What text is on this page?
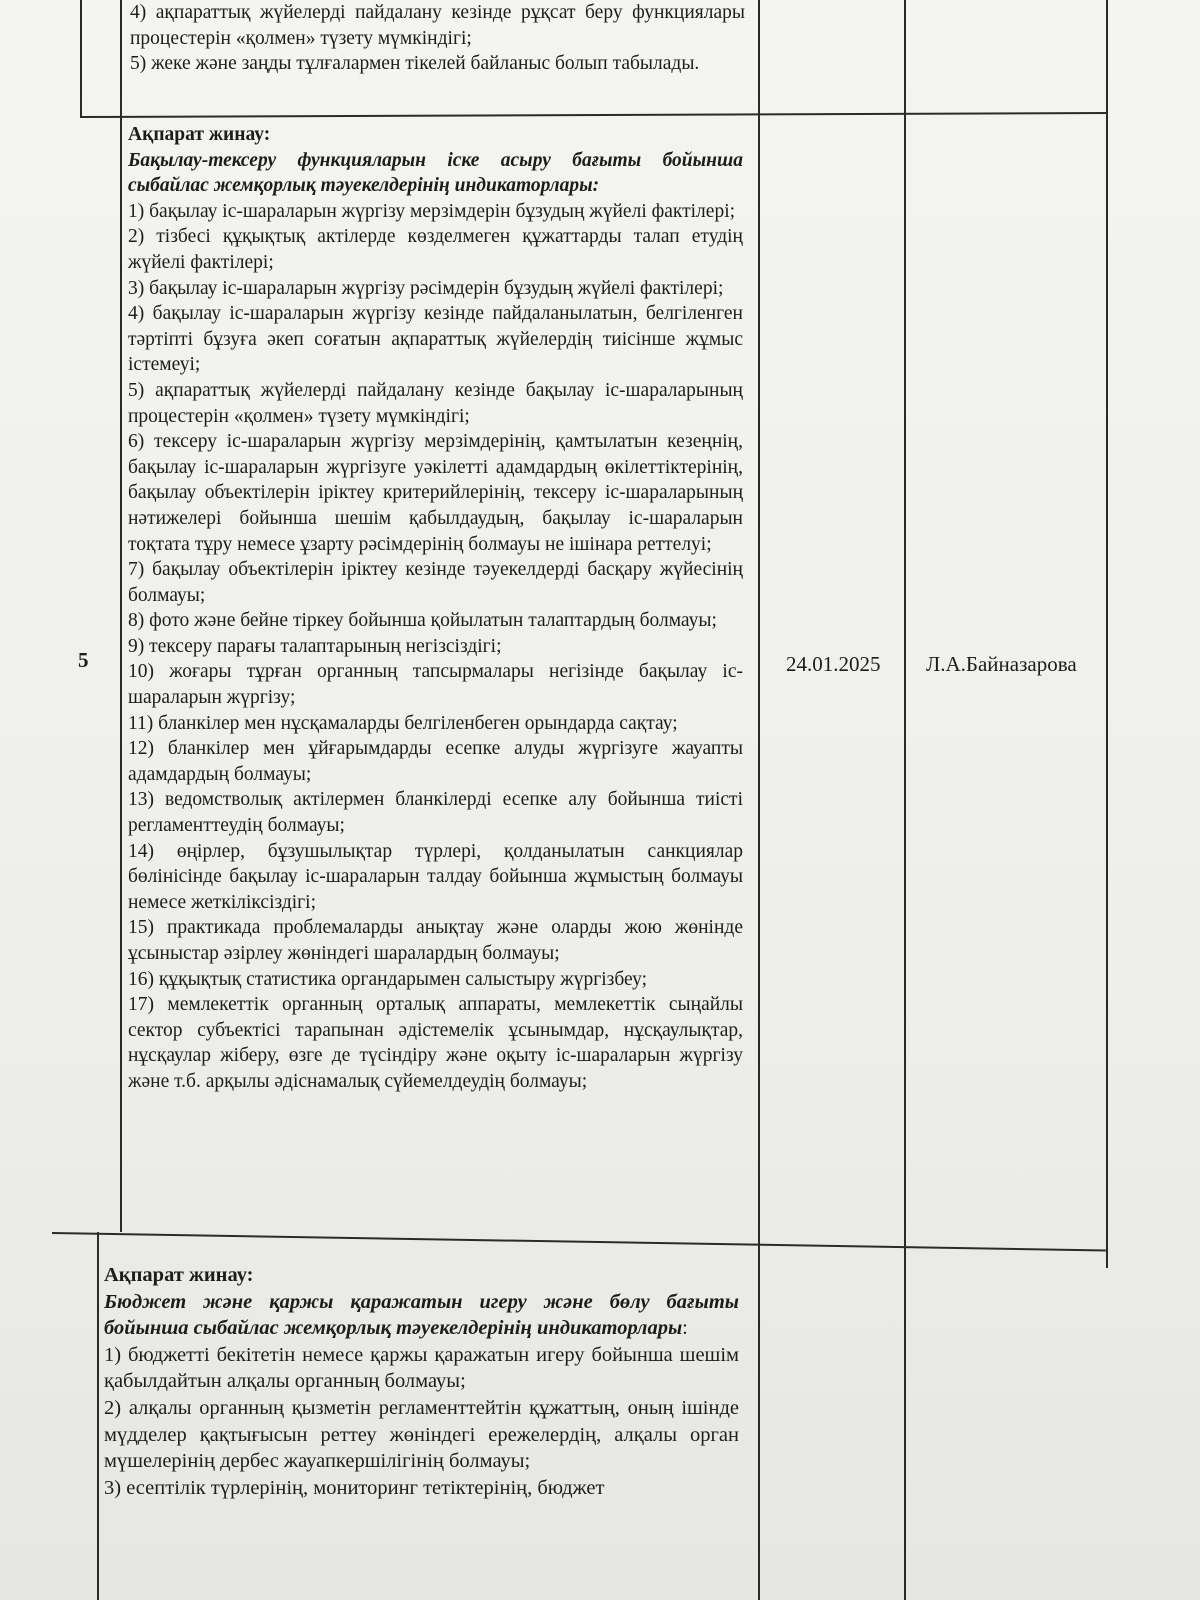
4) ақпараттық жүйелерді пайдалану кезінде рұқсат беру функциялары процестерін «қолмен» түзету мүмкіндігі;

5) жеке және заңды тұлғалармен тікелей байланыс болып табылады.

5

Ақпарат жинау:

Бақылау-тексеру функцияларын іске асыру бағыты бойынша сыбайлас жемқорлық тәуекелдерінің индикаторлары:

1) бақылау іс-шараларын жүргізу мерзімдерін бұзудың жүйелі фактілері;

2) тізбесі құқықтық актілерде көзделмеген құжаттарды талап етудің жүйелі фактілері;

3) бақылау іс-шараларын жүргізу рәсімдерін бұзудың жүйелі фактілері;

4) бақылау іс-шараларын жүргізу кезінде пайдаланылатын, белгіленген тәртіпті бұзуға әкеп соғатын ақпараттық жүйелердің тиісінше жұмыс істемеуі;

5) ақпараттық жүйелерді пайдалану кезінде бақылау іс-шараларының процестерін «қолмен» түзету мүмкіндігі;

6) тексеру іс-шараларын жүргізу мерзімдерінің, қамтылатын кезеңнің, бақылау іс-шараларын жүргізуге уәкілетті адамдардың өкілеттіктерінің, бақылау объектілерін іріктеу критерийлерінің, тексеру іс-шараларының нәтижелері бойынша шешім қабылдаудың, бақылау іс-шараларын тоқтата тұру немесе ұзарту рәсімдерінің болмауы не ішінара реттелуі;

7) бақылау объектілерін іріктеу кезінде тәуекелдерді басқару жүйесінің болмауы;

8) фото және бейне тіркеу бойынша қойылатын талаптардың болмауы;

9) тексеру парағы талаптарының негізсіздігі;

10) жоғары тұрған органның тапсырмалары негізінде бақылау іс-шараларын жүргізу;

11) бланкілер мен нұсқамаларды белгіленбеген орындарда сақтау;

12) бланкілер мен ұйғарымдарды есепке алуды жүргізуге жауапты адамдардың болмауы;

13) ведомстволық актілермен бланкілерді есепке алу бойынша тиісті регламенттеудің болмауы;

14) өңірлер, бұзушылықтар түрлері, қолданылатын санкциялар бөлінісінде бақылау іс-шараларын талдау бойынша жұмыстың болмауы немесе жеткіліксіздігі;

15) практикада проблемаларды анықтау және оларды жою жөнінде ұсыныстар әзірлеу жөніндегі шаралардың болмауы;

16) құқықтық статистика органдарымен салыстыру жүргізбеу;

17) мемлекеттік органның орталық аппараты, мемлекеттік сыңайлы сектор субъектісі тарапынан әдістемелік ұсынымдар, нұсқаулықтар, нұсқаулар жіберу, өзге де түсіндіру және оқыту іс-шараларын жүргізу және т.б. арқылы әдіснамалық сүйемелдеудің болмауы;

24.01.2025 Л.А.Байназарова

Ақпарат жинау:

Бюджет және қаржы қаражатын игеру және бөлу бағыты бойынша сыбайлас жемқорлық тәуекелдерінің индикаторлары:

1) бюджетті бекітетін немесе қаржы қаражатын игеру бойынша шешім қабылдайтын алқалы органның болмауы;

2) алқалы органның қызметін регламенттейтін құжаттың, оның ішінде мүдделер қақтығысын реттеу жөніндегі ережелердің, алқалы орган мүшелерінің дербес жауапкершілігінің болмауы;

3) есептілік түрлерінің, мониторинг тетіктерінің, бюджет
